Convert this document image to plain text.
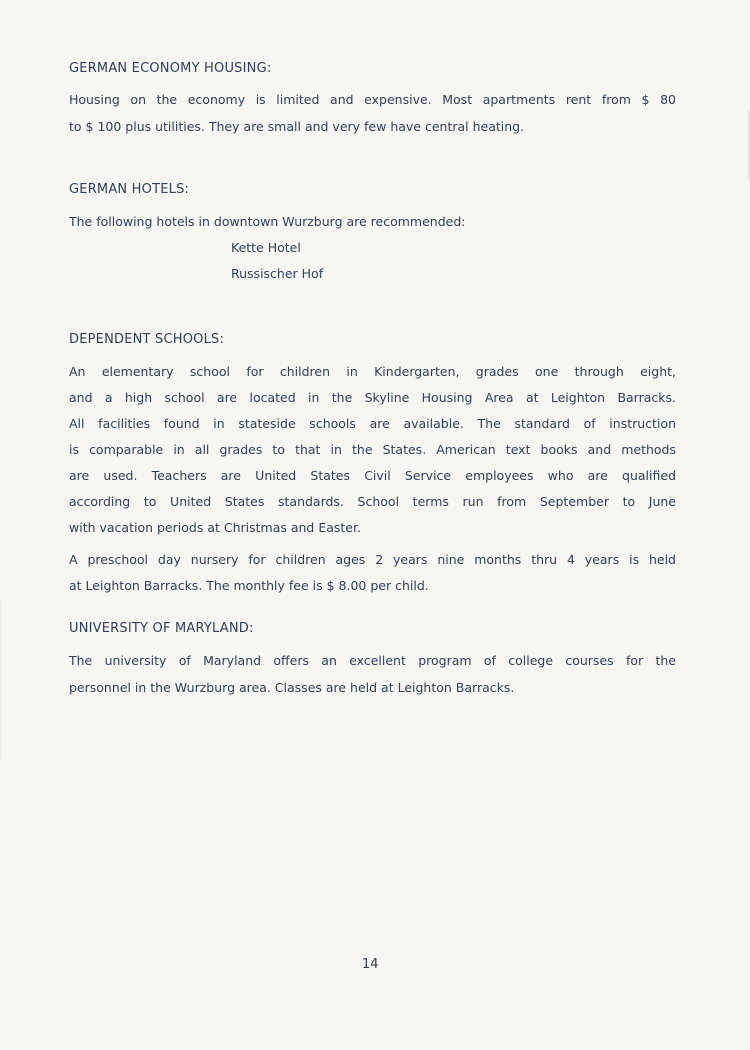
GERMAN ECONOMY HOUSING:
Housing on the economy is limited and expensive. Most apartments rent from $ 80
to $ 100 plus utilities. They are small and very few have central heating.
GERMAN HOTELS:
The following hotels in downtown Wurzburg are recommended:
Kette Hotel
Russischer Hof
DEPENDENT SCHOOLS:
An elementary school for children in Kindergarten, grades one through eight,
and a high school are located in the Skyline Housing Area at Leighton Barracks.
All facilities found in stateside schools are available. The standard of instruction
is comparable in all grades to that in the States. American text books and methods
are used. Teachers are United States Civil Service employees who are qualified
according to United States standards. School terms run from September to June
with vacation periods at Christmas and Easter.
A preschool day nursery for children ages 2 years nine months thru 4 years is held
at Leighton Barracks. The monthly fee is $ 8.00 per child.
UNIVERSITY OF MARYLAND:
The university of Maryland offers an excellent program of college courses for the
personnel in the Wurzburg area. Classes are held at Leighton Barracks.
14
